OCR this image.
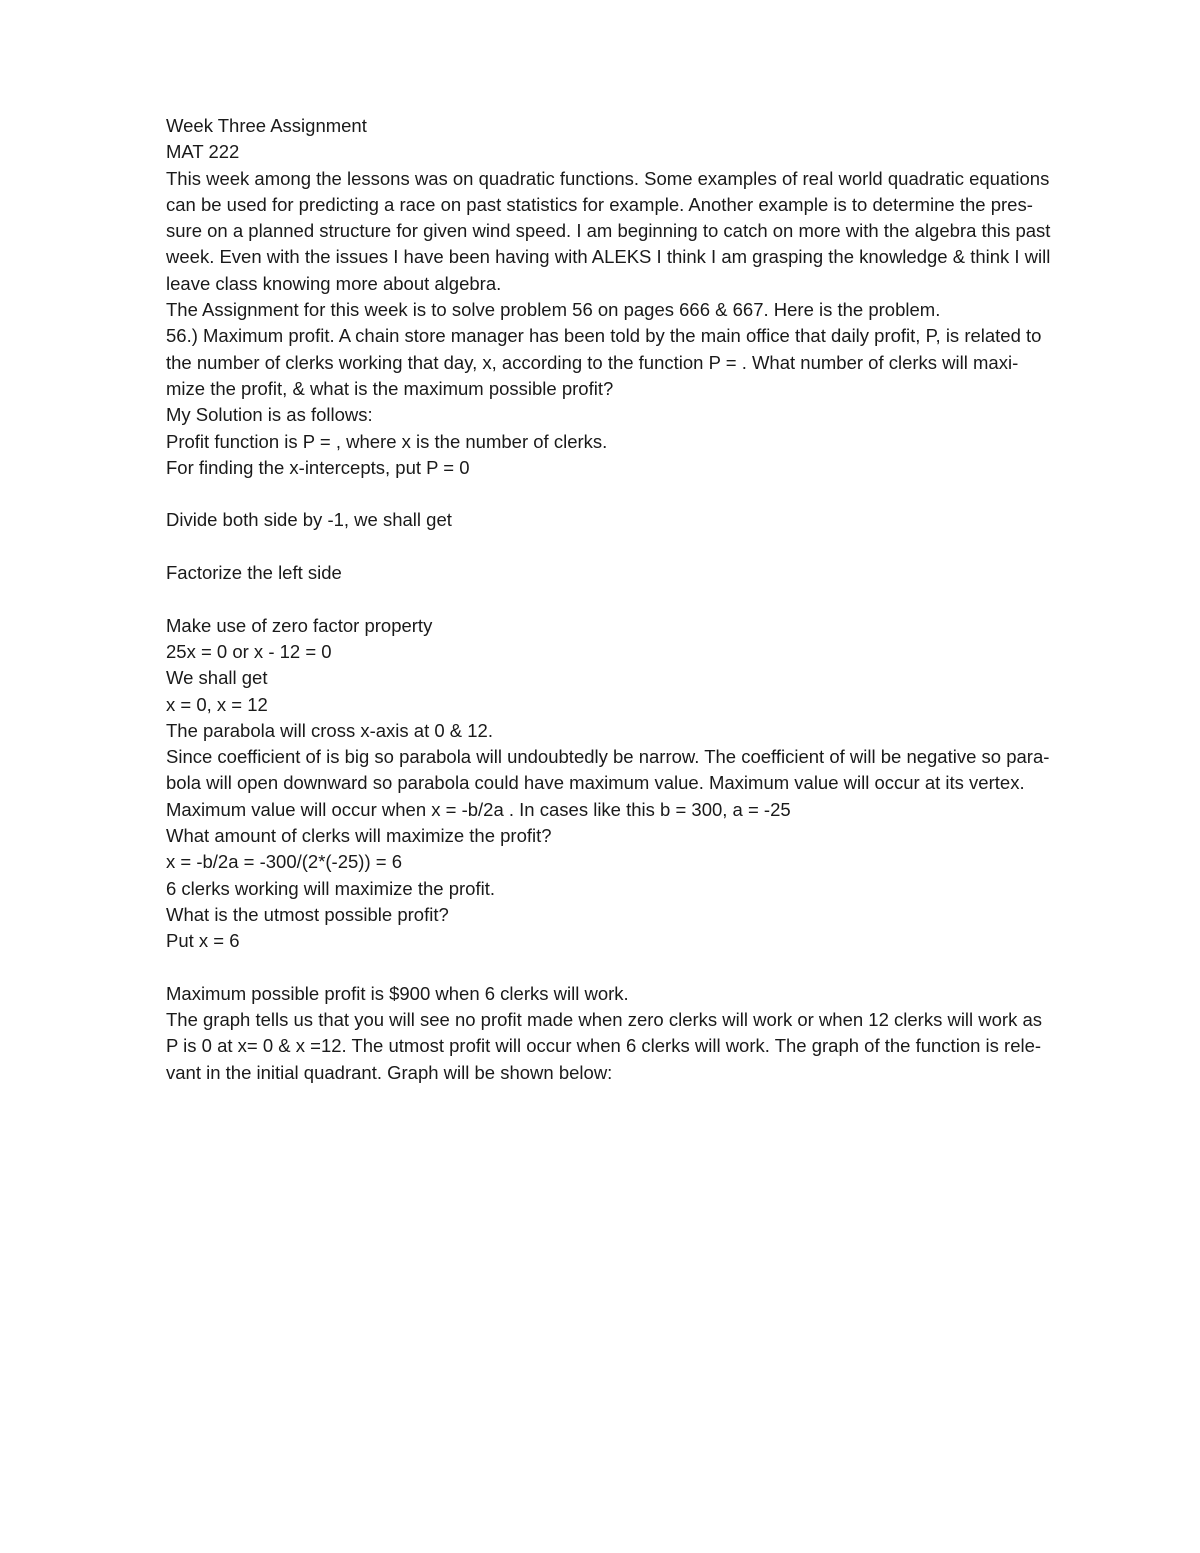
Week Three Assignment
MAT 222
This week among the lessons was on quadratic functions. Some examples of real world quadratic equations
can be used for predicting a race on past statistics for example. Another example is to determine the pres-
sure on a planned structure for given wind speed. I am beginning to catch on more with the algebra this past
week. Even with the issues I have been having with ALEKS I think I am grasping the knowledge & think I will
leave class knowing more about algebra.
The Assignment for this week is to solve problem 56 on pages 666 & 667. Here is the problem.
56.) Maximum profit. A chain store manager has been told by the main office that daily profit, P, is related to
the number of clerks working that day, x, according to the function P = . What number of clerks will maxi-
mize the profit, & what is the maximum possible profit?
My Solution is as follows:
Profit function is P = , where x is the number of clerks.
For finding the x-intercepts, put P = 0
Divide both side by -1, we shall get
Factorize the left side
Make use of zero factor property
25x = 0 or x - 12 = 0
We shall get
x = 0, x = 12
The parabola will cross x-axis at 0 & 12.
Since coefficient of is big so parabola will undoubtedly be narrow. The coefficient of will be negative so para-
bola will open downward so parabola could have maximum value. Maximum value will occur at its vertex.
Maximum value will occur when x = -b/2a . In cases like this b = 300, a = -25
What amount of clerks will maximize the profit?
x = -b/2a = -300/(2*(-25)) = 6
6 clerks working will maximize the profit.
What is the utmost possible profit?
Put x = 6
Maximum possible profit is $900 when 6 clerks will work.
The graph tells us that you will see no profit made when zero clerks will work or when 12 clerks will work as
P is 0 at x= 0 & x =12. The utmost profit will occur when 6 clerks will work. The graph of the function is rele-
vant in the initial quadrant. Graph will be shown below:
